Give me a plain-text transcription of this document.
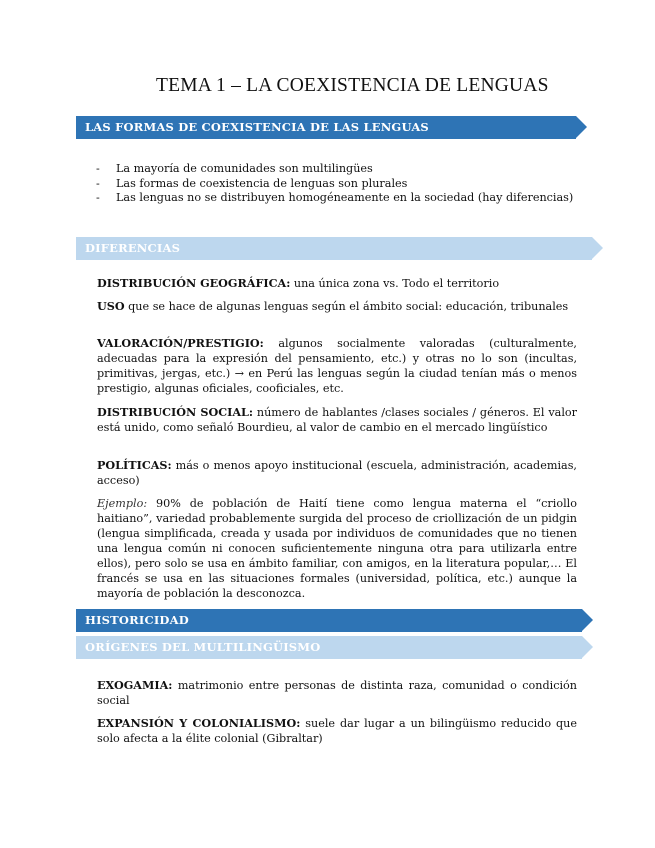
TEMA 1 – LA COEXISTENCIA DE LENGUAS
LAS FORMAS DE COEXISTENCIA DE LAS LENGUAS
-	La mayoría de comunidades son multilingües
-	Las formas de coexistencia de lenguas son plurales
-	Las lenguas no se distribuyen homogéneamente en la sociedad (hay diferencias)
DIFERENCIAS
DISTRIBUCIÓN GEOGRÁFICA: una única zona vs. Todo el territorio
USO que se hace de algunas lenguas según el ámbito social: educación, tribunales
VALORACIÓN/PRESTIGIO: algunos socialmente valoradas (culturalmente, adecuadas para la expresión del pensamiento, etc.) y otras no lo son (incultas, primitivas, jergas, etc.) → en Perú las lenguas según la ciudad tenían más o menos prestigio, algunas oficiales, cooficiales, etc.
DISTRIBUCIÓN SOCIAL: número de hablantes /clases sociales / géneros. El valor está unido, como señaló Bourdieu, al valor de cambio en el mercado lingüístico
POLÍTICAS: más o menos apoyo institucional (escuela, administración, academias, acceso)
Ejemplo: 90% de población de Haití tiene como lengua materna el “criollo haitiano”, variedad probablemente surgida del proceso de criollización de un pidgin (lengua simplificada, creada y usada por individuos de comunidades que no tienen una lengua común ni conocen suficientemente ninguna otra para utilizarla entre ellos), pero solo se usa en ámbito familiar, con amigos, en la literatura popular,… El francés se usa en las situaciones formales (universidad, política, etc.) aunque la mayoría de población la desconozca.
HISTORICIDAD
ORÍGENES DEL MULTILINGÜISMO
EXOGAMIA: matrimonio entre personas de distinta raza, comunidad o condición social
EXPANSIÓN Y COLONIALISMO: suele dar lugar a un bilingüismo reducido que solo afecta a la élite colonial (Gibraltar)
